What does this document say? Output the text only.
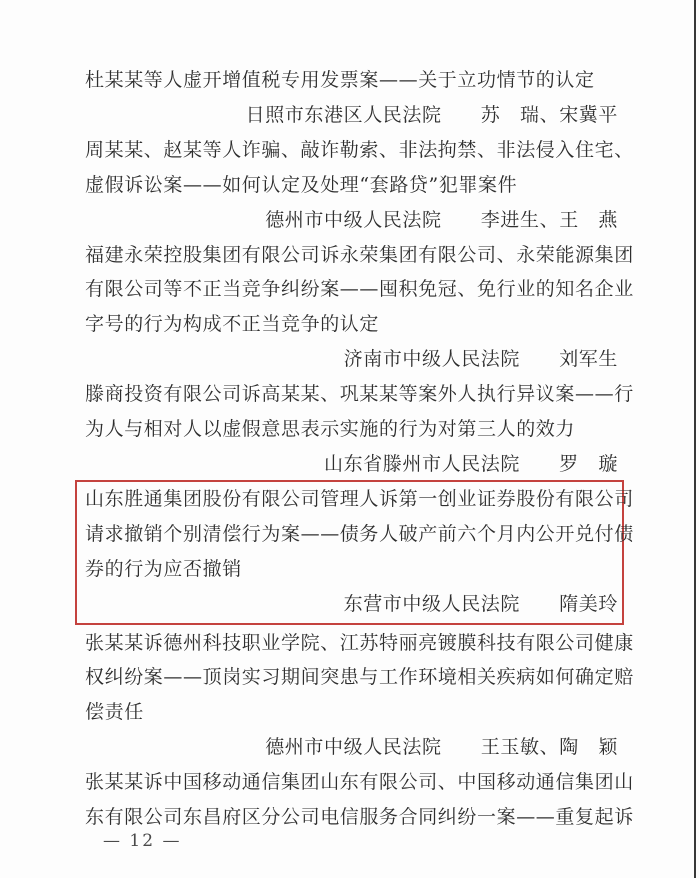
杜某某等人虚开增值税专用发票案——关于立功情节的认定
日照市东港区人民法院　　苏　瑞、宋冀平
周某某、赵某等人诈骗、敲诈勒索、非法拘禁、非法侵入住宅、
虚假诉讼案——如何认定及处理“套路贷”犯罪案件
德州市中级人民法院　　李进生、王　燕
福建永荣控股集团有限公司诉永荣集团有限公司、永荣能源集团
有限公司等不正当竞争纠纷案——囤积免冠、免行业的知名企业
字号的行为构成不正当竞争的认定
济南市中级人民法院　　刘军生
滕商投资有限公司诉高某某、巩某某等案外人执行异议案——行
为人与相对人以虚假意思表示实施的行为对第三人的效力
山东省滕州市人民法院　　罗　璇
山东胜通集团股份有限公司管理人诉第一创业证券股份有限公司
请求撤销个别清偿行为案——债务人破产前六个月内公开兑付债
券的行为应否撤销
东营市中级人民法院　　隋美玲
张某某诉德州科技职业学院、江苏特丽亮镀膜科技有限公司健康
权纠纷案——顶岗实习期间突患与工作环境相关疾病如何确定赔
偿责任
德州市中级人民法院　　王玉敏、陶　颖
张某某诉中国移动通信集团山东有限公司、中国移动通信集团山
东有限公司东昌府区分公司电信服务合同纠纷一案——重复起诉
— 12 —
